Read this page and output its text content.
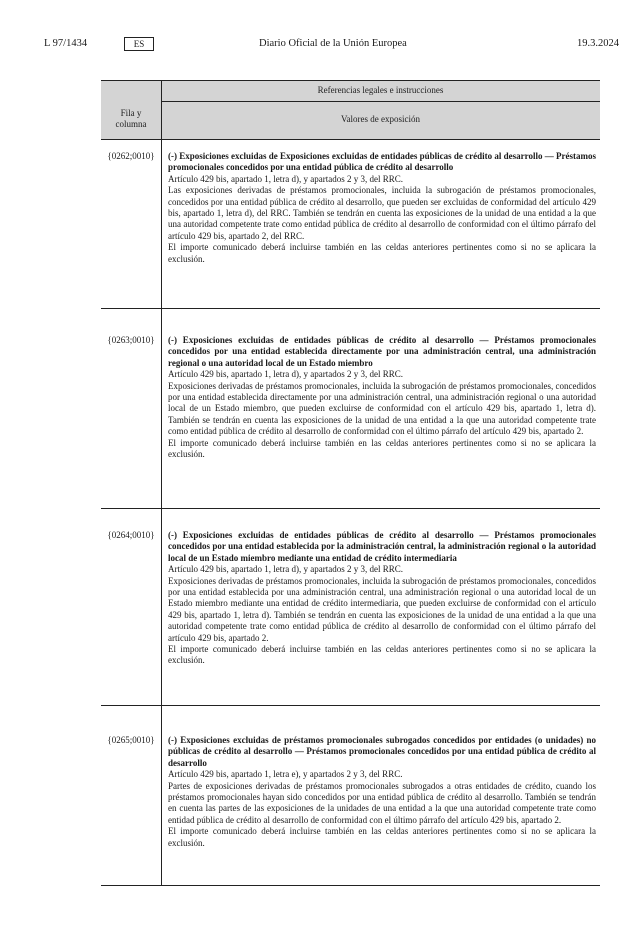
L 97/1434	ES	Diario Oficial de la Unión Europea	19.3.2024
Referencias legales e instrucciones
Fila y columna	Valores de exposición
{0262;0010}	(-) Exposiciones excluidas de Exposiciones excluidas de entidades públicas de crédito al desarrollo — Préstamos promocionales concedidos por una entidad pública de crédito al desarrollo

Artículo 429 bis, apartado 1, letra d), y apartados 2 y 3, del RRC.

Las exposiciones derivadas de préstamos promocionales, incluida la subrogación de préstamos promocionales, concedidos por una entidad pública de crédito al desarrollo, que pueden ser excluidas de conformidad del artículo 429 bis, apartado 1, letra d), del RRC. También se tendrán en cuenta las exposiciones de la unidad de una entidad a la que una autoridad competente trate como entidad pública de crédito al desarrollo de conformidad con el último párrafo del artículo 429 bis, apartado 2, del RRC.

El importe comunicado deberá incluirse también en las celdas anteriores pertinentes como si no se aplicara la exclusión.

{0263;0010}	(-) Exposiciones excluidas de entidades públicas de crédito al desarrollo — Préstamos promocionales concedidos por una entidad establecida directamente por una administración central, una administración regional o una autoridad local de un Estado miembro

Artículo 429 bis, apartado 1, letra d), y apartados 2 y 3, del RRC.

Exposiciones derivadas de préstamos promocionales, incluida la subrogación de préstamos promocionales, concedidos por una entidad establecida directamente por una administración central, una administración regional o una autoridad local de un Estado miembro, que pueden excluirse de conformidad con el artículo 429 bis, apartado 1, letra d). También se tendrán en cuenta las exposiciones de la unidad de una entidad a la que una autoridad competente trate como entidad pública de crédito al desarrollo de conformidad con el último párrafo del artículo 429 bis, apartado 2.

El importe comunicado deberá incluirse también en las celdas anteriores pertinentes como si no se aplicara la exclusión.

{0264;0010}	(-) Exposiciones excluidas de entidades públicas de crédito al desarrollo — Préstamos promocionales concedidos por una entidad establecida por la administración central, la administración regional o la autoridad local de un Estado miembro mediante una entidad de crédito intermediaria

Artículo 429 bis, apartado 1, letra d), y apartados 2 y 3, del RRC.

Exposiciones derivadas de préstamos promocionales, incluida la subrogación de préstamos promocionales, concedidos por una entidad establecida por una administración central, una administración regional o una autoridad local de un Estado miembro mediante una entidad de crédito intermediaria, que pueden excluirse de conformidad con el artículo 429 bis, apartado 1, letra d). También se tendrán en cuenta las exposiciones de la unidad de una entidad a la que una autoridad competente trate como entidad pública de crédito al desarrollo de conformidad con el último párrafo del artículo 429 bis, apartado 2.

El importe comunicado deberá incluirse también en las celdas anteriores pertinentes como si no se aplicara la exclusión.

{0265;0010}	(-) Exposiciones excluidas de préstamos promocionales subrogados concedidos por entidades (o unidades) no públicas de crédito al desarrollo — Préstamos promocionales concedidos por una entidad pública de crédito al desarrollo

Artículo 429 bis, apartado 1, letra e), y apartados 2 y 3, del RRC.

Partes de exposiciones derivadas de préstamos promocionales subrogados a otras entidades de crédito, cuando los préstamos promocionales hayan sido concedidos por una entidad pública de crédito al desarrollo. También se tendrán en cuenta las partes de las exposiciones de la unidades de una entidad a la que una autoridad competente trate como entidad pública de crédito al desarrollo de conformidad con el último párrafo del artículo 429 bis, apartado 2.

El importe comunicado deberá incluirse también en las celdas anteriores pertinentes como si no se aplicara la exclusión.
